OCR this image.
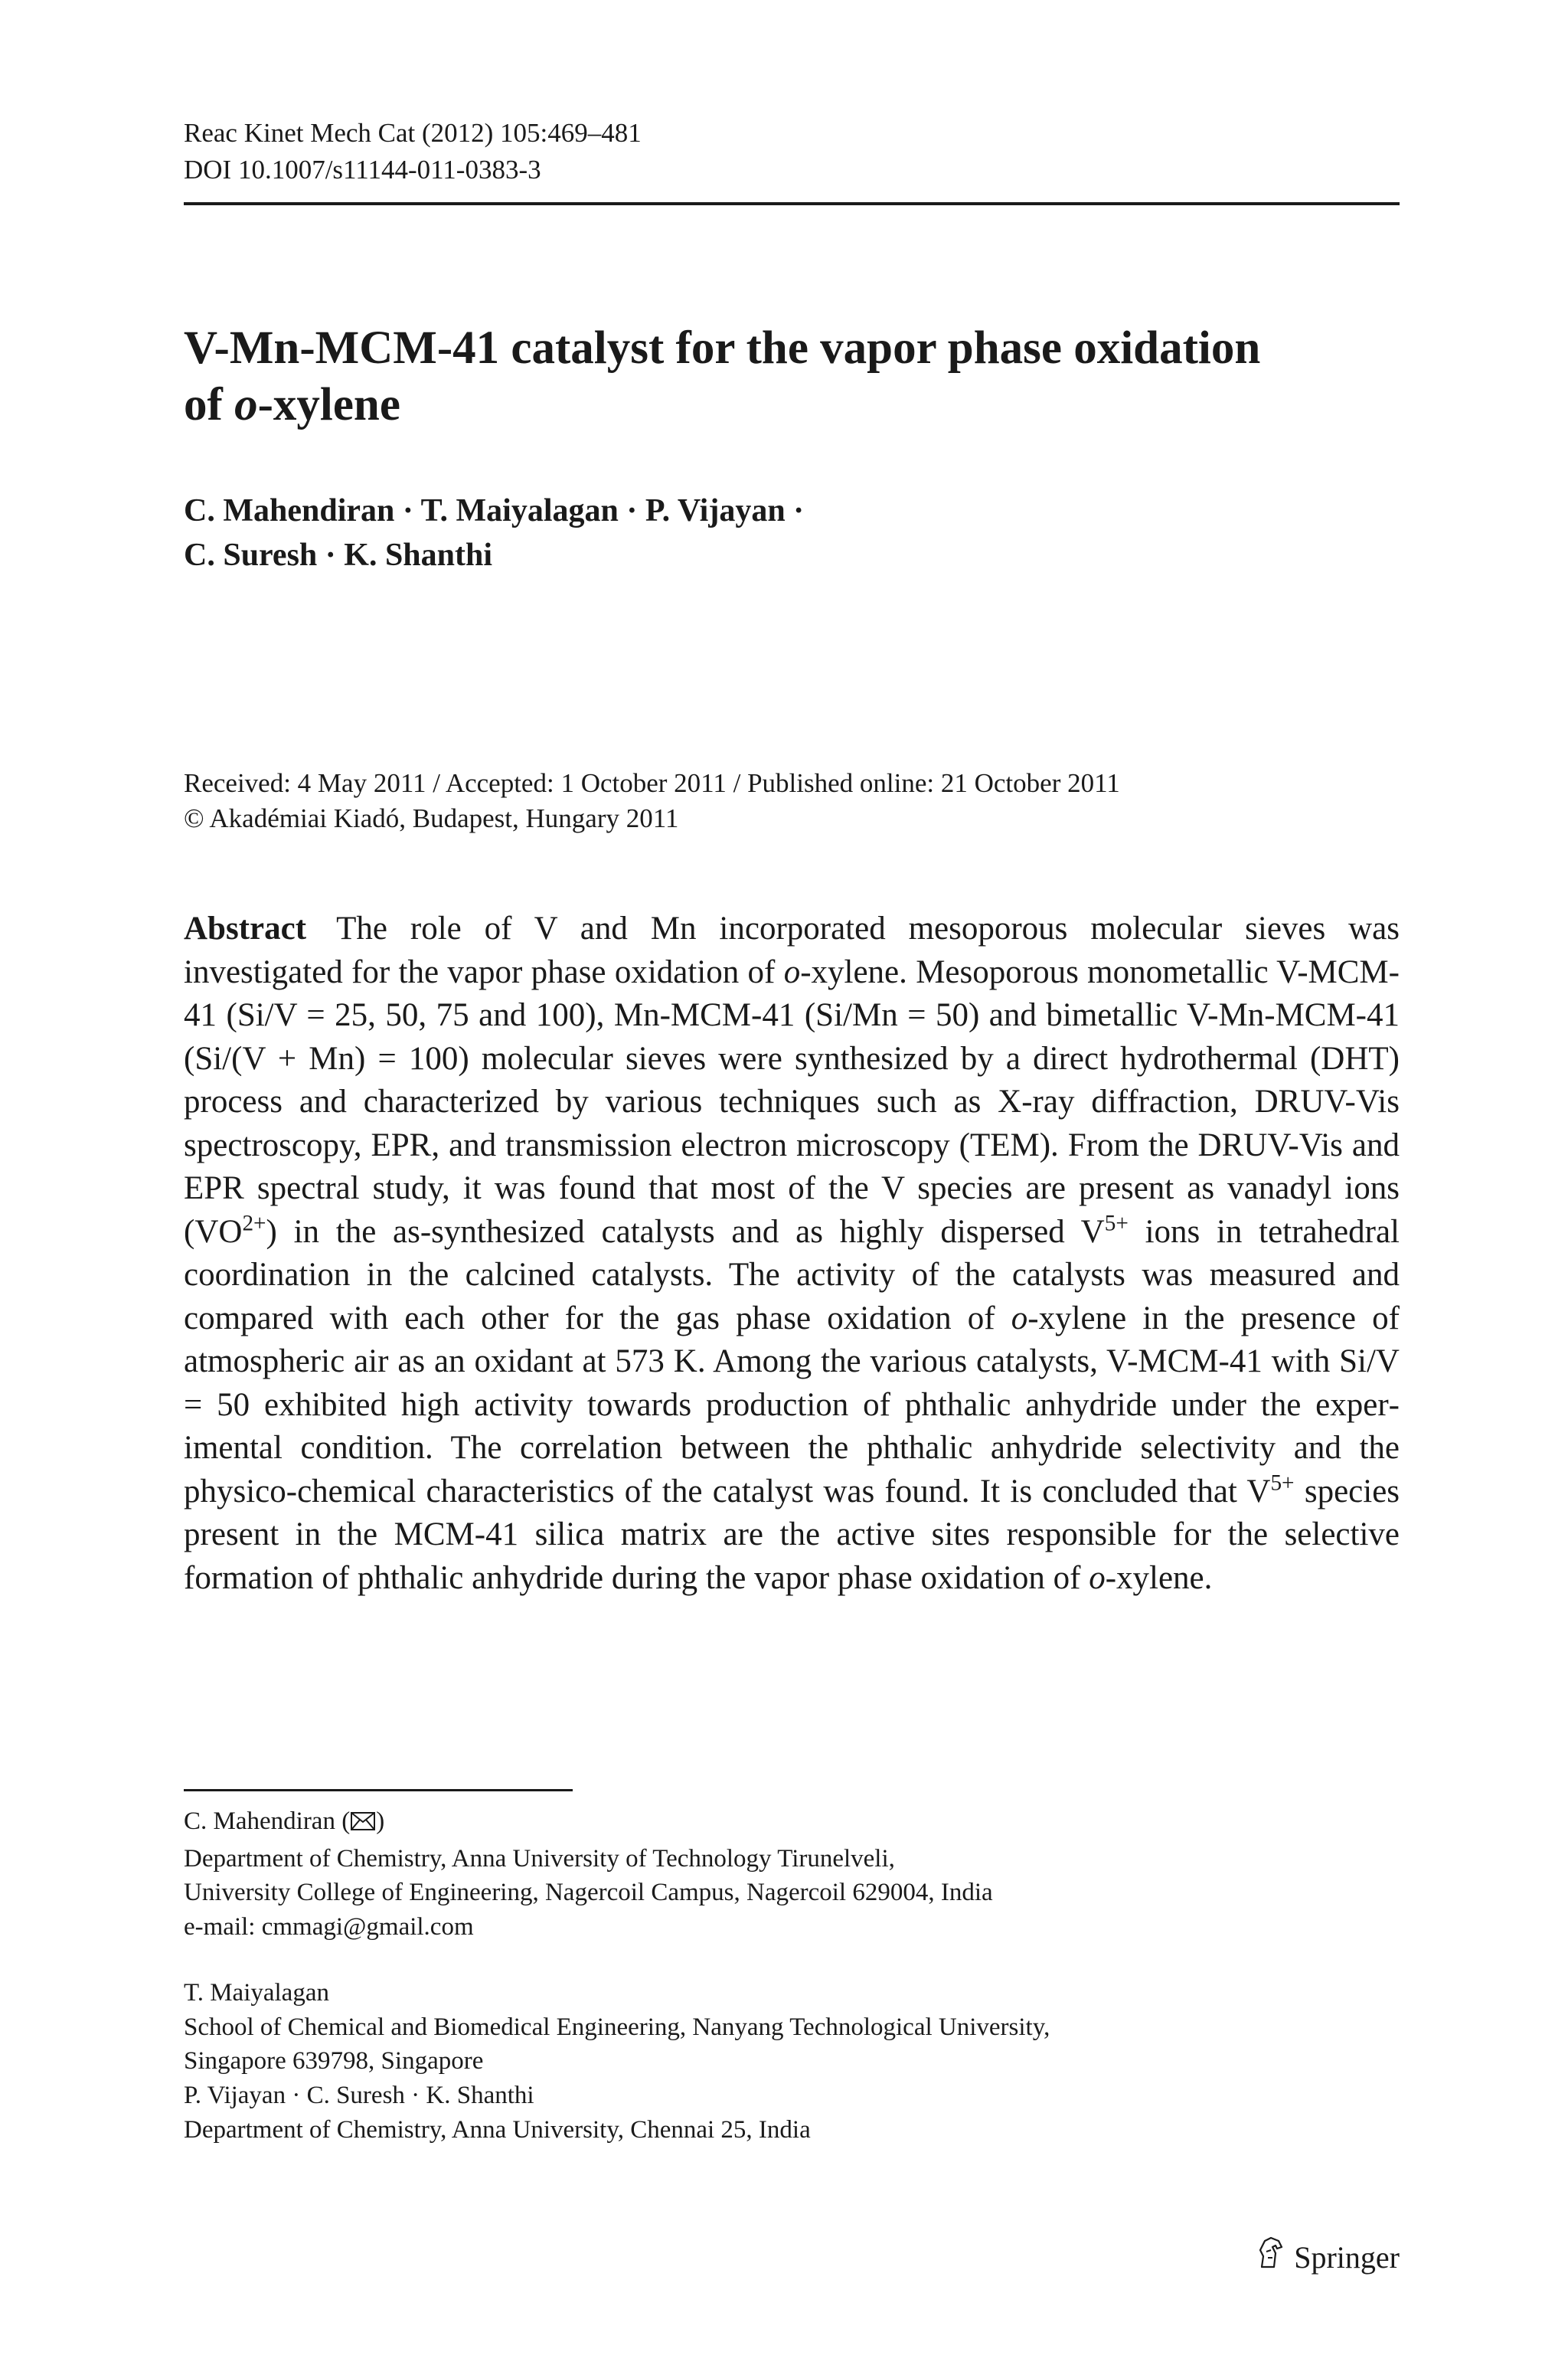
Reac Kinet Mech Cat (2012) 105:469–481
DOI 10.1007/s11144-011-0383-3
V-Mn-MCM-41 catalyst for the vapor phase oxidation
of o-xylene
C. Mahendiran · T. Maiyalagan · P. Vijayan ·
C. Suresh · K. Shanthi
Received: 4 May 2011 / Accepted: 1 October 2011 / Published online: 21 October 2011
© Akadémiai Kiadó, Budapest, Hungary 2011
Abstract The role of V and Mn incorporated mesoporous molecular sieves was investigated for the vapor phase oxidation of o-xylene. Mesoporous monometallic V-MCM-41 (Si/V = 25, 50, 75 and 100), Mn-MCM-41 (Si/Mn = 50) and bimetallic V-Mn-MCM-41 (Si/(V + Mn) = 100) molecular sieves were synthesized by a direct hydrothermal (DHT) process and characterized by various techniques such as X-ray diffraction, DRUV-Vis spectroscopy, EPR, and transmission electron microscopy (TEM). From the DRUV-Vis and EPR spectral study, it was found that most of the V species are present as vanadyl ions $(VO^{2+})$ in the as-synthesized catalysts and as highly dispersed $V^{5+}$ ions in tetrahedral coordination in the calcined catalysts. The activity of the catalysts was measured and compared with each other for the gas phase oxidation of o-xylene in the presence of atmospheric air as an oxidant at 573 K. Among the various catalysts, V-MCM-41 with Si/V = 50 exhibited high activity towards production of phthalic anhydride under the experimental condition. The correlation between the phthalic anhydride selectivity and the physico-chemical characteristics of the catalyst was found. It is concluded that $V^{5+}$ species present in the MCM-41 silica matrix are the active sites responsible for the selective formation of phthalic anhydride during the vapor phase oxidation of o-xylene.
C. Mahendiran ( )
Department of Chemistry, Anna University of Technology Tirunelveli,
University College of Engineering, Nagercoil Campus, Nagercoil 629004, India
e-mail: cmmagi@gmail.com
T. Maiyalagan
School of Chemical and Biomedical Engineering, Nanyang Technological University,
Singapore 639798, Singapore
P. Vijayan · C. Suresh · K. Shanthi
Department of Chemistry, Anna University, Chennai 25, India
Springer
